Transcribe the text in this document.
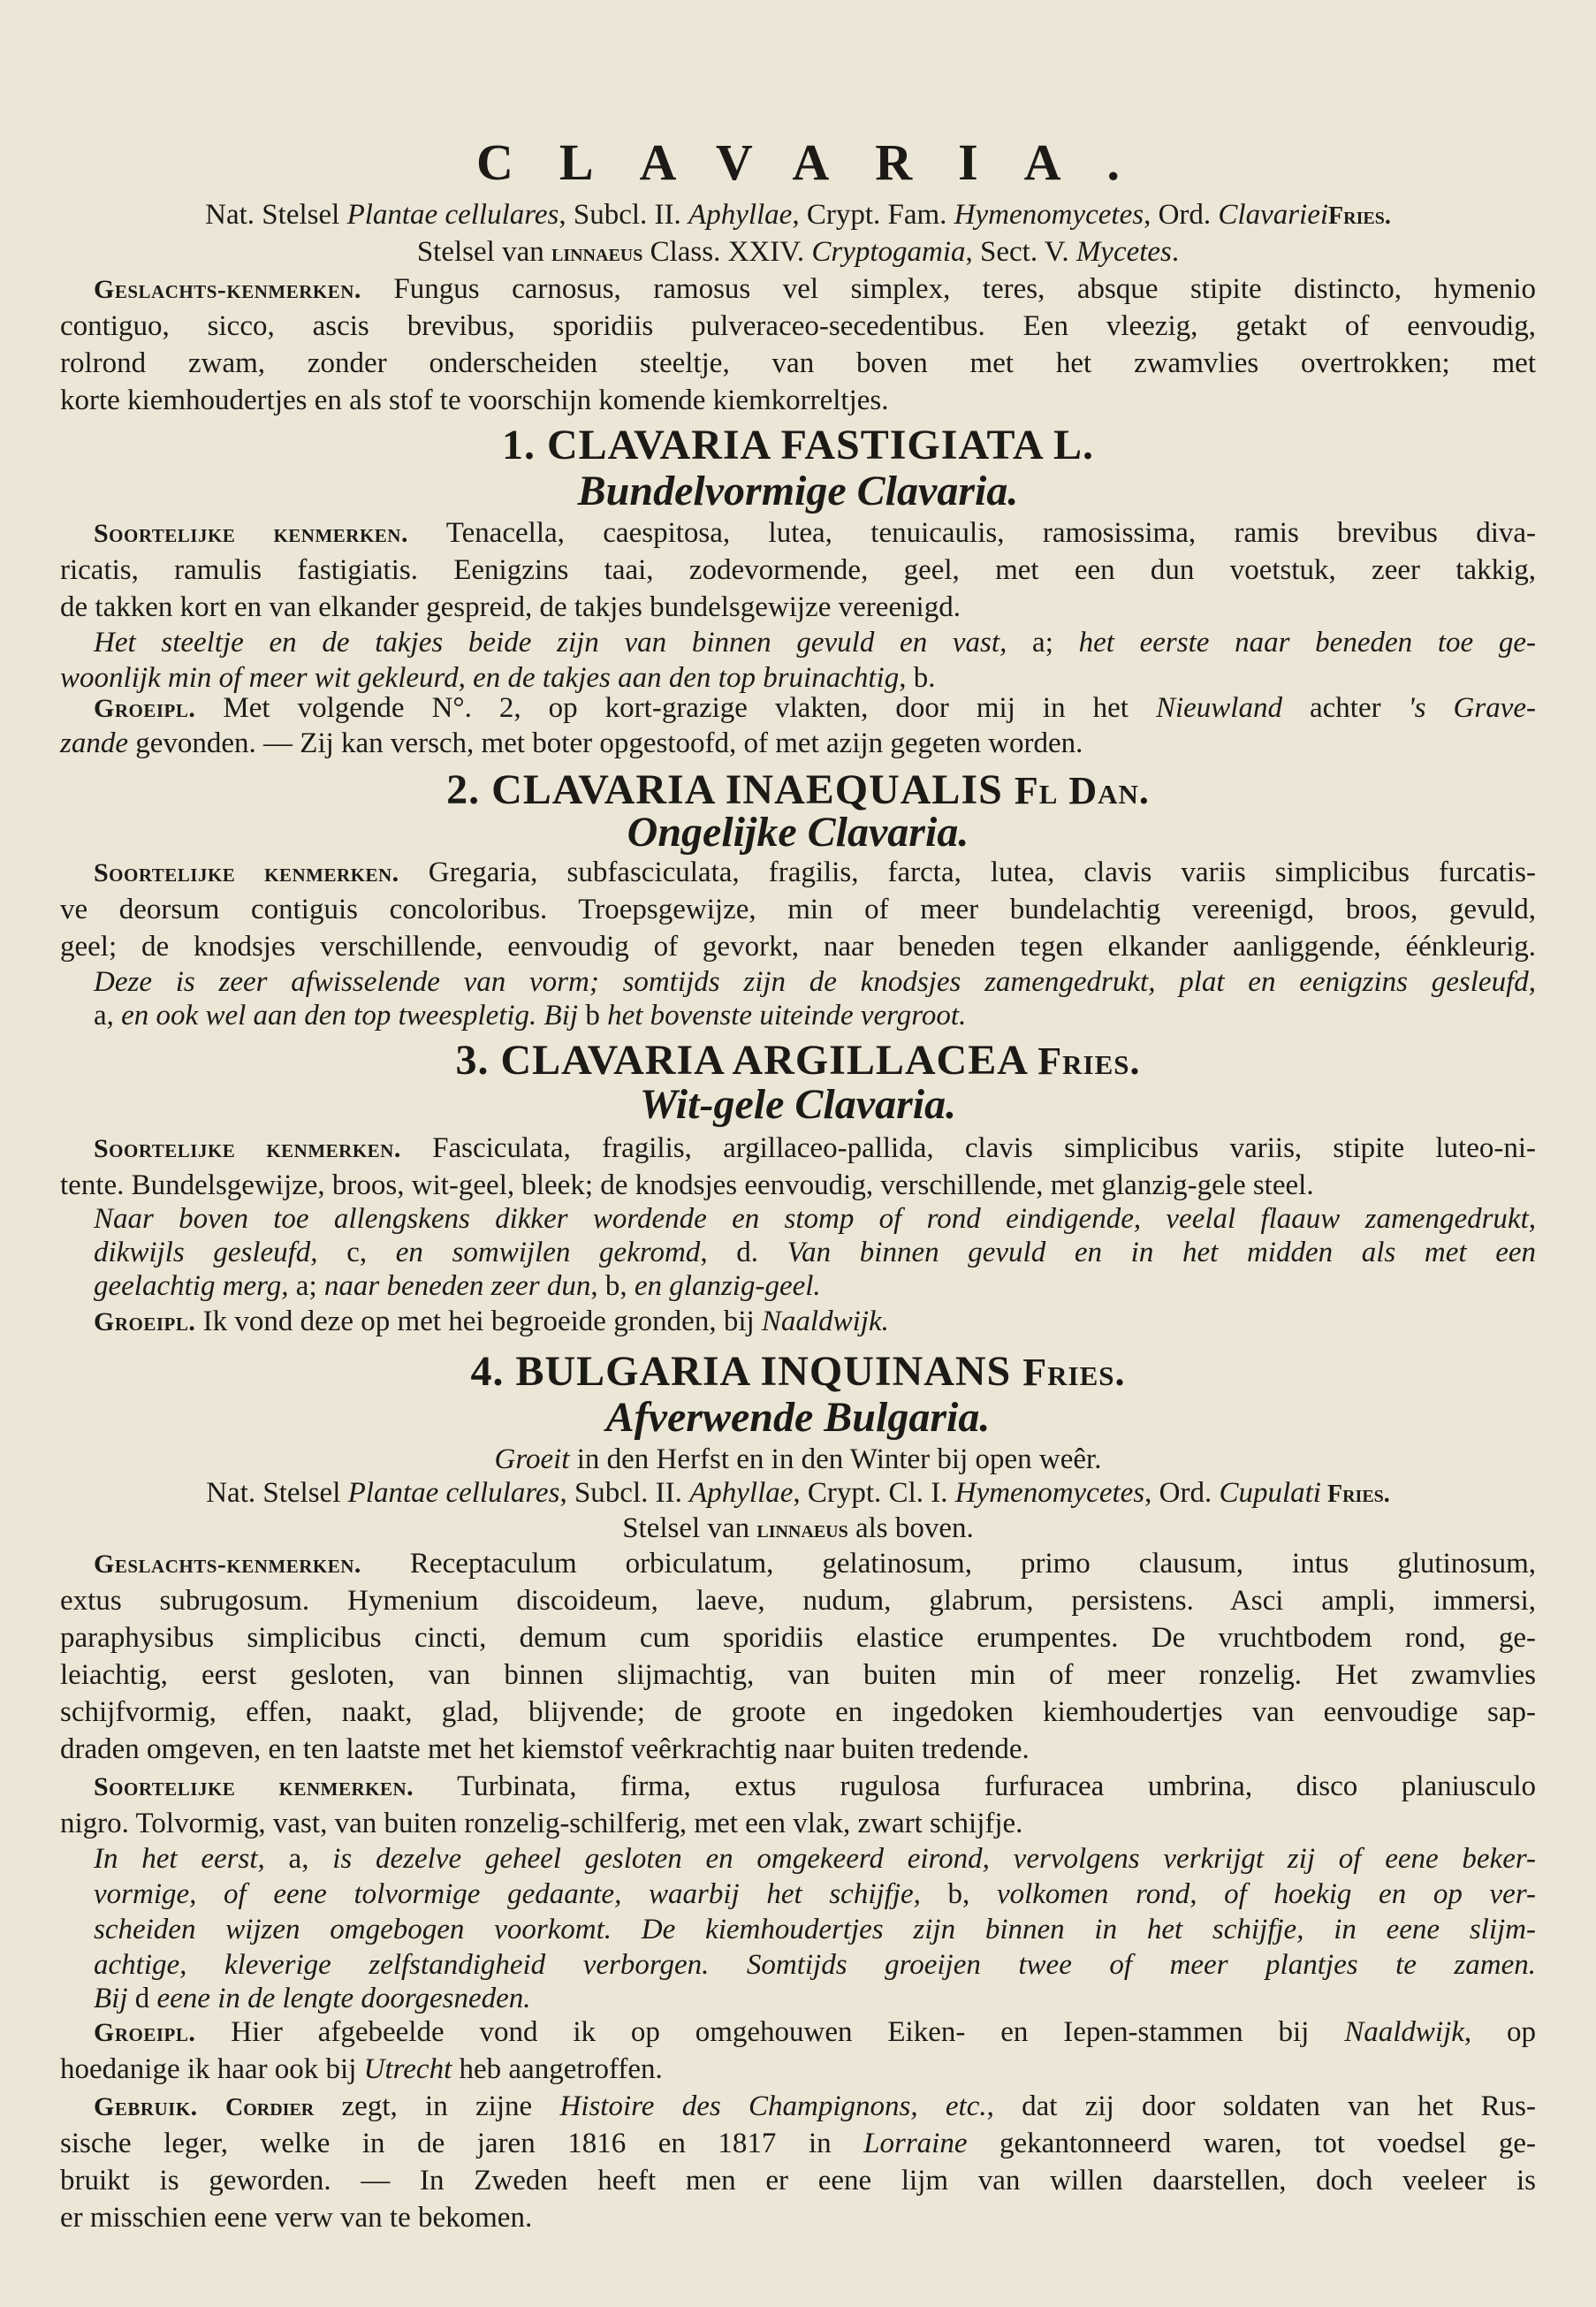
CLAVARIA.
Nat. Stelsel Plantae cellulares, Subcl. II. Aphyllae, Crypt. Fam. Hymenomycetes, Ord. ClavarieiFries.
Stelsel van linnaeus Class. XXIV. Cryptogamia, Sect. V. Mycetes.
Geslachts-kenmerken. Fungus carnosus, ramosus vel simplex, teres, absque stipite distincto, hymenio
contiguo, sicco, ascis brevibus, sporidiis pulveraceo-secedentibus. Een vleezig, getakt of eenvoudig,
rolrond zwam, zonder onderscheiden steeltje, van boven met het zwamvlies overtrokken; met
korte kiemhoudertjes en als stof te voorschijn komende kiemkorreltjes.
1. CLAVARIA FASTIGIATA L.
Bundelvormige Clavaria.
Soortelijke kenmerken. Tenacella, caespitosa, lutea, tenuicaulis, ramosissima, ramis brevibus diva-
ricatis, ramulis fastigiatis. Eenigzins taai, zodevormende, geel, met een dun voetstuk, zeer takkig,
de takken kort en van elkander gespreid, de takjes bundelsgewijze vereenigd.
Het steeltje en de takjes beide zijn van binnen gevuld en vast, a; het eerste naar beneden toe ge-
woonlijk min of meer wit gekleurd, en de takjes aan den top bruinachtig, b.
Groeipl. Met volgende N°. 2, op kort-grazige vlakten, door mij in het Nieuwland achter 's Grave-
zande gevonden. — Zij kan versch, met boter opgestoofd, of met azijn gegeten worden.
2. CLAVARIA INAEQUALIS Fl Dan.
Ongelijke Clavaria.
Soortelijke kenmerken. Gregaria, subfasciculata, fragilis, farcta, lutea, clavis variis simplicibus furcatis-
ve deorsum contiguis concoloribus. Troepsgewijze, min of meer bundelachtig vereenigd, broos, gevuld,
geel; de knodsjes verschillende, eenvoudig of gevorkt, naar beneden tegen elkander aanliggende, éénkleurig.
Deze is zeer afwisselende van vorm; somtijds zijn de knodsjes zamengedrukt, plat en eenigzins gesleufd,
a, en ook wel aan den top tweespletig. Bij b het bovenste uiteinde vergroot.
3. CLAVARIA ARGILLACEA Fries.
Wit-gele Clavaria.
Soortelijke kenmerken. Fasciculata, fragilis, argillaceo-pallida, clavis simplicibus variis, stipite luteo-ni-
tente. Bundelsgewijze, broos, wit-geel, bleek; de knodsjes eenvoudig, verschillende, met glanzig-gele steel.
Naar boven toe allengskens dikker wordende en stomp of rond eindigende, veelal flaauw zamengedrukt,
dikwijls gesleufd, c, en somwijlen gekromd, d. Van binnen gevuld en in het midden als met een
geelachtig merg, a; naar beneden zeer dun, b, en glanzig-geel.
Groeipl. Ik vond deze op met hei begroeide gronden, bij Naaldwijk.
4. BULGARIA INQUINANS Fries.
Afverwende Bulgaria.
Groeit in den Herfst en in den Winter bij open weêr.
Nat. Stelsel Plantae cellulares, Subcl. II. Aphyllae, Crypt. Cl. I. Hymenomycetes, Ord. Cupulati Fries.
Stelsel van linnaeus als boven.
Geslachts-kenmerken. Receptaculum orbiculatum, gelatinosum, primo clausum, intus glutinosum,
extus subrugosum. Hymenium discoideum, laeve, nudum, glabrum, persistens. Asci ampli, immersi,
paraphysibus simplicibus cincti, demum cum sporidiis elastice erumpentes. De vruchtbodem rond, ge-
leiachtig, eerst gesloten, van binnen slijmachtig, van buiten min of meer ronzelig. Het zwamvlies
schijfvormig, effen, naakt, glad, blijvende; de groote en ingedoken kiemhoudertjes van eenvoudige sap-
draden omgeven, en ten laatste met het kiemstof veêrkrachtig naar buiten tredende.
Soortelijke kenmerken. Turbinata, firma, extus rugulosa furfuracea umbrina, disco planiusculo
nigro. Tolvormig, vast, van buiten ronzelig-schilferig, met een vlak, zwart schijfje.
In het eerst, a, is dezelve geheel gesloten en omgekeerd eirond, vervolgens verkrijgt zij of eene beker-
vormige, of eene tolvormige gedaante, waarbij het schijfje, b, volkomen rond, of hoekig en op ver-
scheiden wijzen omgebogen voorkomt. De kiemhoudertjes zijn binnen in het schijfje, in eene slijm-
achtige, kleverige zelfstandigheid verborgen. Somtijds groeijen twee of meer plantjes te zamen.
Bij d eene in de lengte doorgesneden.
Groeipl. Hier afgebeelde vond ik op omgehouwen Eiken- en Iepen-stammen bij Naaldwijk, op
hoedanige ik haar ook bij Utrecht heb aangetroffen.
Gebruik. Cordier zegt, in zijne Histoire des Champignons, etc., dat zij door soldaten van het Rus-
sische leger, welke in de jaren 1816 en 1817 in Lorraine gekantonneerd waren, tot voedsel ge-
bruikt is geworden. — In Zweden heeft men er eene lijm van willen daarstellen, doch veeleer is
er misschien eene verw van te bekomen.
